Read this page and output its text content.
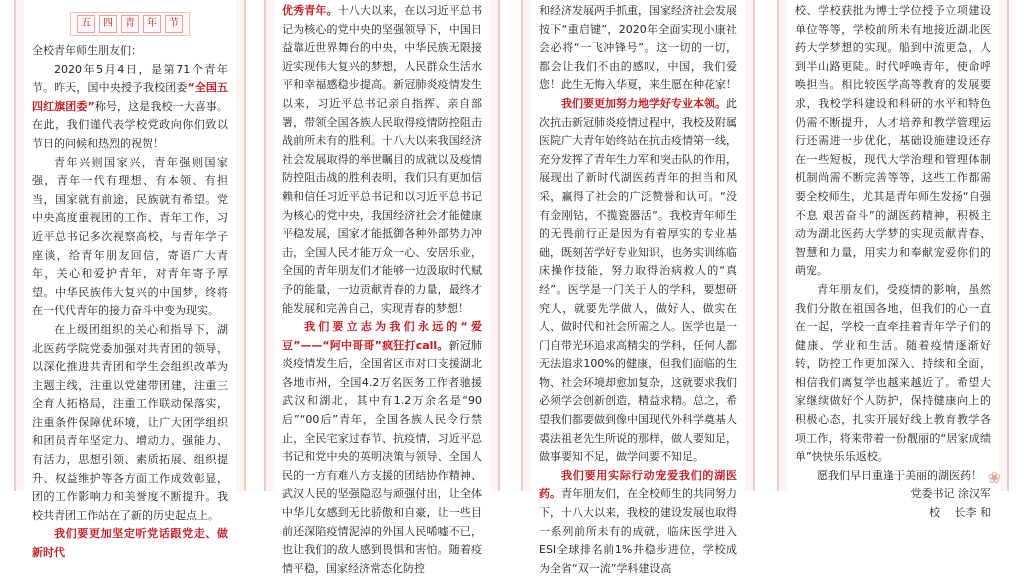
五	四	青	年	节

全校青年师生朋友们：

2020年5月4日，是第71个青年节。昨天，国中央授予我校团委“全国五四红旗团委”称号，这是我校一大喜事。在此，我们谨代表学校党政向你们致以节日的问候和热烈的祝贺！

青年兴则国家兴，青年强则国家强，青年一代有理想、有本领、有担当，国家就有前途，民族就有希望。党中央高度重视团的工作、青年工作，习近平总书记多次视察高校，与青年学子座谈，给青年朋友回信，寄语广大青年，关心和爱护青年，对青年寄予厚望。中华民族伟大复兴的中国梦，终将在一代代青年的接力奋斗中变为现实。

在上级团组织的关心和指导下，湖北医药学院党委加强对共青团的领导，以深化推进共青团和学生会组织改革为主题主线，注重以党建带团建，注重三全育人拓格局，注重工作联动保落实，注重条件保障优环境，让广大团学组织和团员青年坚定力、增动力、强能力、有活力，思想引领、素质拓展、组织提升、权益维护等各方面工作成效彰显，团的工作影响力和美誉度不断提升。我校共青团工作站在了新的历史起点上。

我们要更加坚定听党话跟党走、做新时代

优秀青年。十八大以来，在以习近平总书记为核心的党中央的坚强领导下，中国日益靠近世界舞台的中央，中华民族无限接近实现伟大复兴的梦想，人民群众生活水平和幸福感稳步提高。新冠肺炎疫情发生以来，习近平总书记亲自指挥、亲自部署，带领全国各族人民取得疫情防控阻击战前所未有的胜利。十八大以来我国经济社会发展取得的举世瞩目的成就以及疫情防控阻击战的胜利表明，我们只有更加信赖和信任习近平总书记和以习近平总书记为核心的党中央，我国经济社会才能健康平稳发展，国家才能抵御各种外部势力冲击，全国人民才能万众一心、安居乐业，全国的青年朋友们才能够一边汲取时代赋予的能量，一边贡献青春的力量，最终才能发展和完善自己，实现青春的梦想！

我们要立志为我们永远的“爱豆”——“阿中哥哥”疯狂打call。新冠肺炎疫情发生后，全国省区市对口支援湖北各地市州，全国4.2万名医务工作者驰援武汉和湖北，其中有1.2万余名是“90后”“00后”青年，全国各族人民令行禁止，全民宅家过春节、抗疫情，习近平总书记和党中央的英明决策与领导、全国人民的一方有难八方支援的团结协作精神、武汉人民的坚强隐忍与顽强付出，让全体中华儿女感到无比骄傲和自豪，让一些目前还深陷疫情泥淖的外国人民唏嘘不已，也让我们的敌人感到畏惧和害怕。随着疫情平稳，国家经济常态化防控

和经济发展两手抓重，国家经济社会发展按下“重启键”，2020年全面实现小康社会必将“一飞冲锋号”。这一切的一切，都会让我们不由的感叹，中国，我们爱您！此生无悔入华夏，来生愿在种花家！

我们要更加努力地学好专业本领。此次抗击新冠肺炎疫情过程中，我校及附属医院广大青年始终站在抗击疫情第一线，充分发挥了青年生力军和突击队的作用，展现出了新时代湖医药青年的担当和风采，赢得了社会的广泛赞誉和认可。“没有金刚钻，不揽瓷器活”。我校青年师生的无畏前行正是因为有着厚实的专业基础，既刻苦学好专业知识，也务实训练临床操作技能，努力取得治病救人的“真经”。医学是一门关于人的学科，要想研究人，就要先学做人，做好人、做实在人、做时代和社会所需之人。医学也是一门自带光环追求高精尖的学科，任何人都无法追求100%的健康，但我们面临的生物、社会环境却愈加复杂，这就要求我们必须学会创新创造，精益求精。总之，希望我们都要做到像中国现代外科学奠基人裘法祖老先生所说的那样，做人要知足，做事要知不足，做学问要不知足。

我们要用实际行动宠爱我们的湖医药。青年朋友们，在全校师生的共同努力下，十八大以来，我校的建设发展也取得一系列前所未有的成就，临床医学进入ESI全球排名前1%并稳步进位，学校成为全省“双一流”学科建设高

校、学校获批为博士学位授予立项建设单位等等，学校前所未有地接近湖北医药大学梦想的实现。船到中流更急，人到半山路更陡。时代呼唤青年，使命呼唤担当。相比较医学高等教育的发展要求，我校学科建设和科研的水平和特色仍需不断提升，人才培养和教学管理运行还需进一步优化，基础设施建设还存在一些短板，现代大学治理和管理体制机制尚需不断完善等等，这些工作都需要全校师生，尤其是青年师生发扬“自强不息 艰苦奋斗”的湖医药精神，积极主动为湖北医药大学梦的实现贡献青春、智慧和力量，用实力和奉献宠爱你们的萌宠。

青年朋友们，受疫情的影响，虽然我们分散在祖国各地，但我们的心一直在一起，学校一直牵挂着青年学子们的健康、学业和生活。随着疫情逐渐好转，防控工作更加深入、持续和全面，相信我们离复学也越来越近了。希望大家继续做好个人防护，保持健康向上的积极心态，扎实开展好线上教育教学各项工作，将来带着一份靓丽的“居家成绩单”快快乐乐返校。

愿我们早日重逢于美丽的湖医药！

党委书记 涂汉军

校　 长李 和

❀
